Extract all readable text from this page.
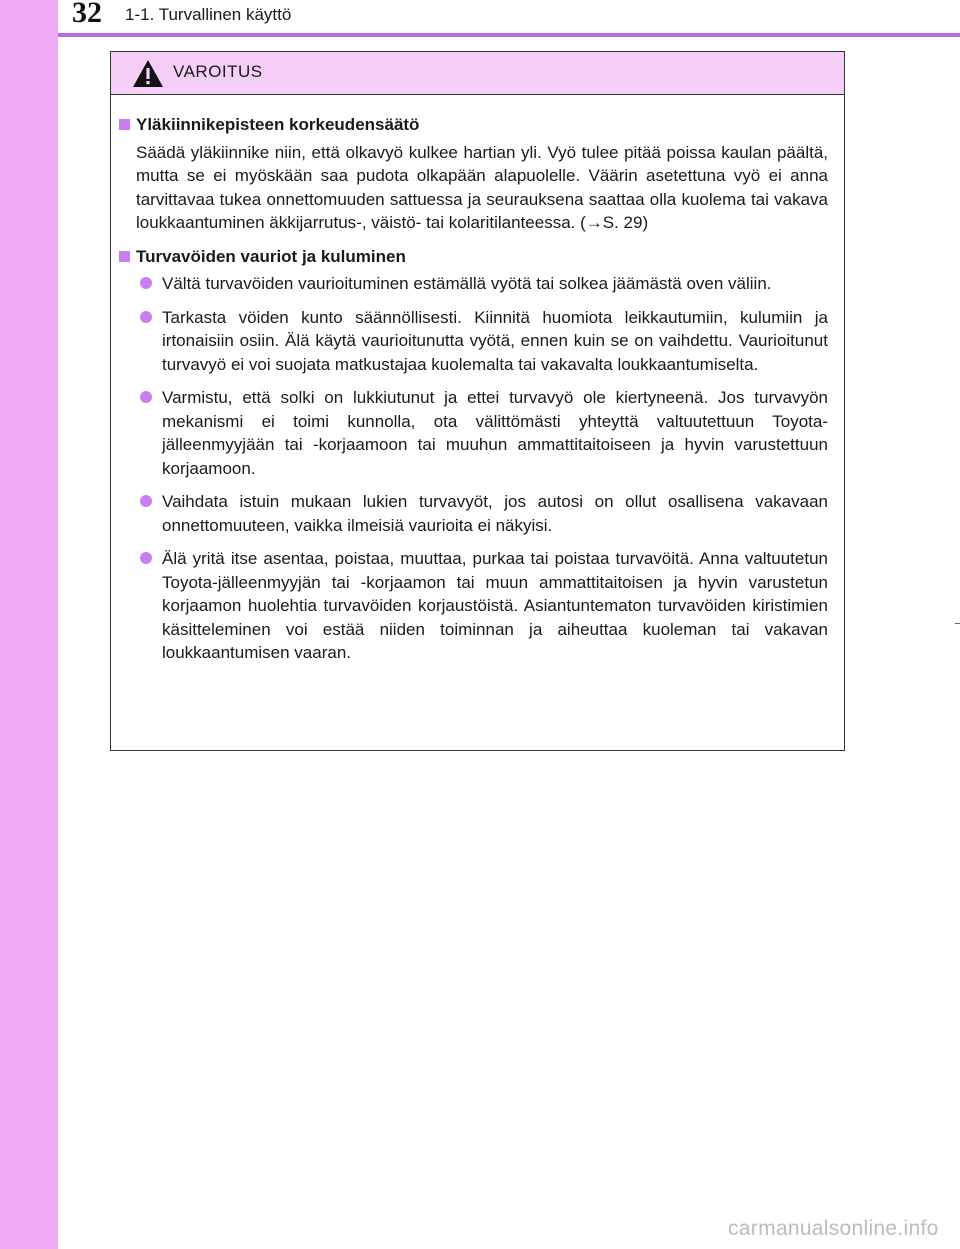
32 1-1. Turvallinen käyttö
VAROITUS
Yläkiinnikepisteen korkeudensäätö
Säädä yläkiinnike niin, että olkavyö kulkee hartian yli. Vyö tulee pitää poissa kaulan päältä, mutta se ei myöskään saa pudota olkapään alapuolelle. Väärin asetettuna vyö ei anna tarvittavaa tukea onnettomuuden sattuessa ja seurauksena saattaa olla kuolema tai vakava loukkaantuminen äkkijarrutus-, väistö- tai kolaritilanteessa. (→S. 29)
Turvavöiden vauriot ja kuluminen
Vältä turvavöiden vaurioituminen estämällä vyötä tai solkea jäämästä oven väliin.
Tarkasta vöiden kunto säännöllisesti. Kiinnitä huomiota leikkautumiin, kulumiin ja irtonaisiin osiin. Älä käytä vaurioitunutta vyötä, ennen kuin se on vaihdettu. Vaurioitunut turvavyö ei voi suojata matkustajaa kuolemalta tai vakavalta loukkaantumiselta.
Varmistu, että solki on lukkiutunut ja ettei turvavyö ole kiertyneenä. Jos turvavyön mekanismi ei toimi kunnolla, ota välittömästi yhteyttä valtuutettuun Toyota-jälleenmyyjään tai -korjaamoon tai muuhun ammattitaitoiseen ja hyvin varustettuun korjaamoon.
Vaihdata istuin mukaan lukien turvavyöt, jos autosi on ollut osallisena vakavaan onnettomuuteen, vaikka ilmeisiä vaurioita ei näkyisi.
Älä yritä itse asentaa, poistaa, muuttaa, purkaa tai poistaa turvavöitä. Anna valtuutetun Toyota-jälleenmyyjän tai -korjaamon tai muun ammattitaitoisen ja hyvin varustetun korjaamon huolehtia turvavöiden korjaustöistä. Asiantuntematon turvavöiden kiristimien käsitteleminen voi estää niiden toiminnan ja aiheuttaa kuoleman tai vakavan loukkaantumisen vaaran.
carmanualsonline.info
